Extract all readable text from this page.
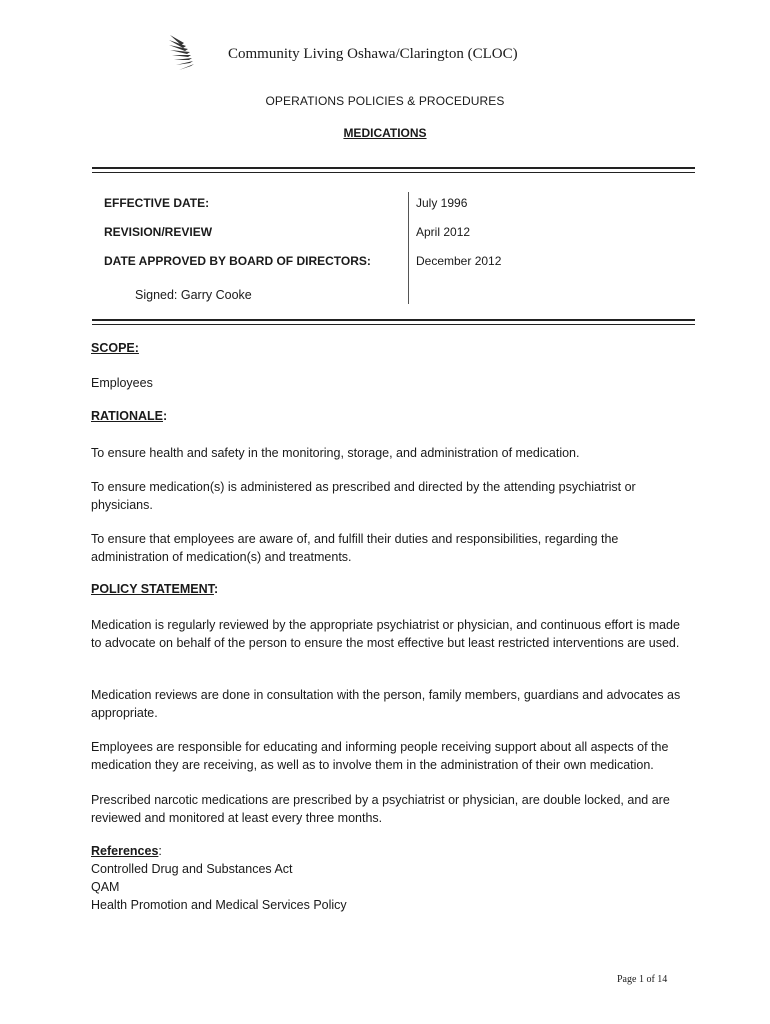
Community Living Oshawa/Clarington (CLOC)
OPERATIONS POLICIES & PROCEDURES
MEDICATIONS
EFFECTIVE DATE:	July 1996
REVISION/REVIEW	April 2012
DATE APPROVED BY BOARD OF DIRECTORS:	December 2012
Signed: Garry Cooke
SCOPE:

Employees

RATIONALE:

To ensure health and safety in the monitoring, storage, and administration of medication.

To ensure medication(s) is administered as prescribed and directed by the attending psychiatrist or physicians.

To ensure that employees are aware of, and fulfill their duties and responsibilities, regarding the administration of medication(s) and treatments.

POLICY STATEMENT:

Medication is regularly reviewed by the appropriate psychiatrist or physician, and continuous effort is made to advocate on behalf of the person to ensure the most effective but least restricted interventions are used.

Medication reviews are done in consultation with the person, family members, guardians and advocates as appropriate.

Employees are responsible for educating and informing people receiving support about all aspects of the medication they are receiving, as well as to involve them in the administration of their own medication.

Prescribed narcotic medications are prescribed by a psychiatrist or physician, are double locked, and are reviewed and monitored at least every three months.

References:
Controlled Drug and Substances Act
QAM
Health Promotion and Medical Services Policy
Page 1 of 14
